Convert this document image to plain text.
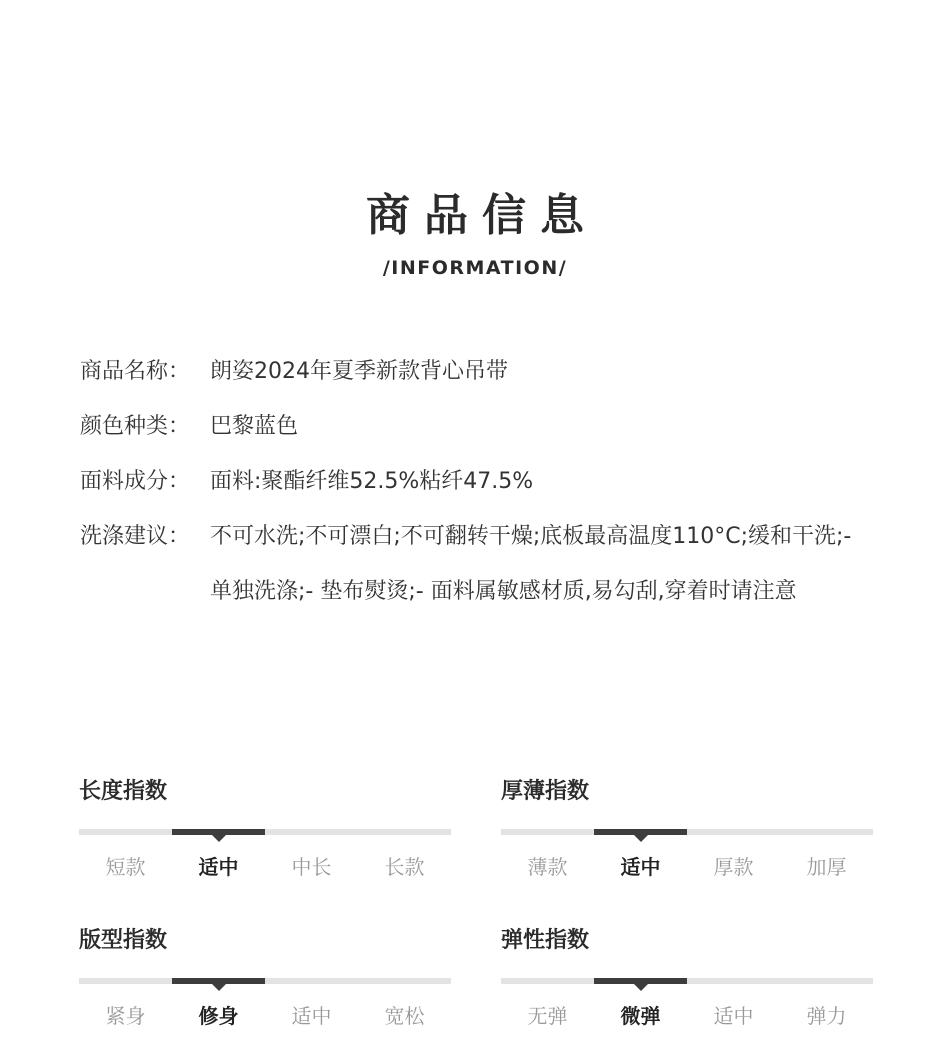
商品信息
/INFORMATION/
商品名称： 朗姿2024年夏季新款背心吊带
颜色种类： 巴黎蓝色
面料成分： 面料:聚酯纤维52.5%粘纤47.5%
洗涤建议： 不可水洗;不可漂白;不可翻转干燥;底板最高温度110°C;缓和干洗;- 单独洗涤;- 垫布熨烫;- 面料属敏感材质,易勾刮,穿着时请注意
长度指数
短款	适中	中长	长款
厚薄指数
薄款	适中	厚款	加厚
版型指数
紧身	修身	适中	宽松
弹性指数
无弹	微弹	适中	弹力
